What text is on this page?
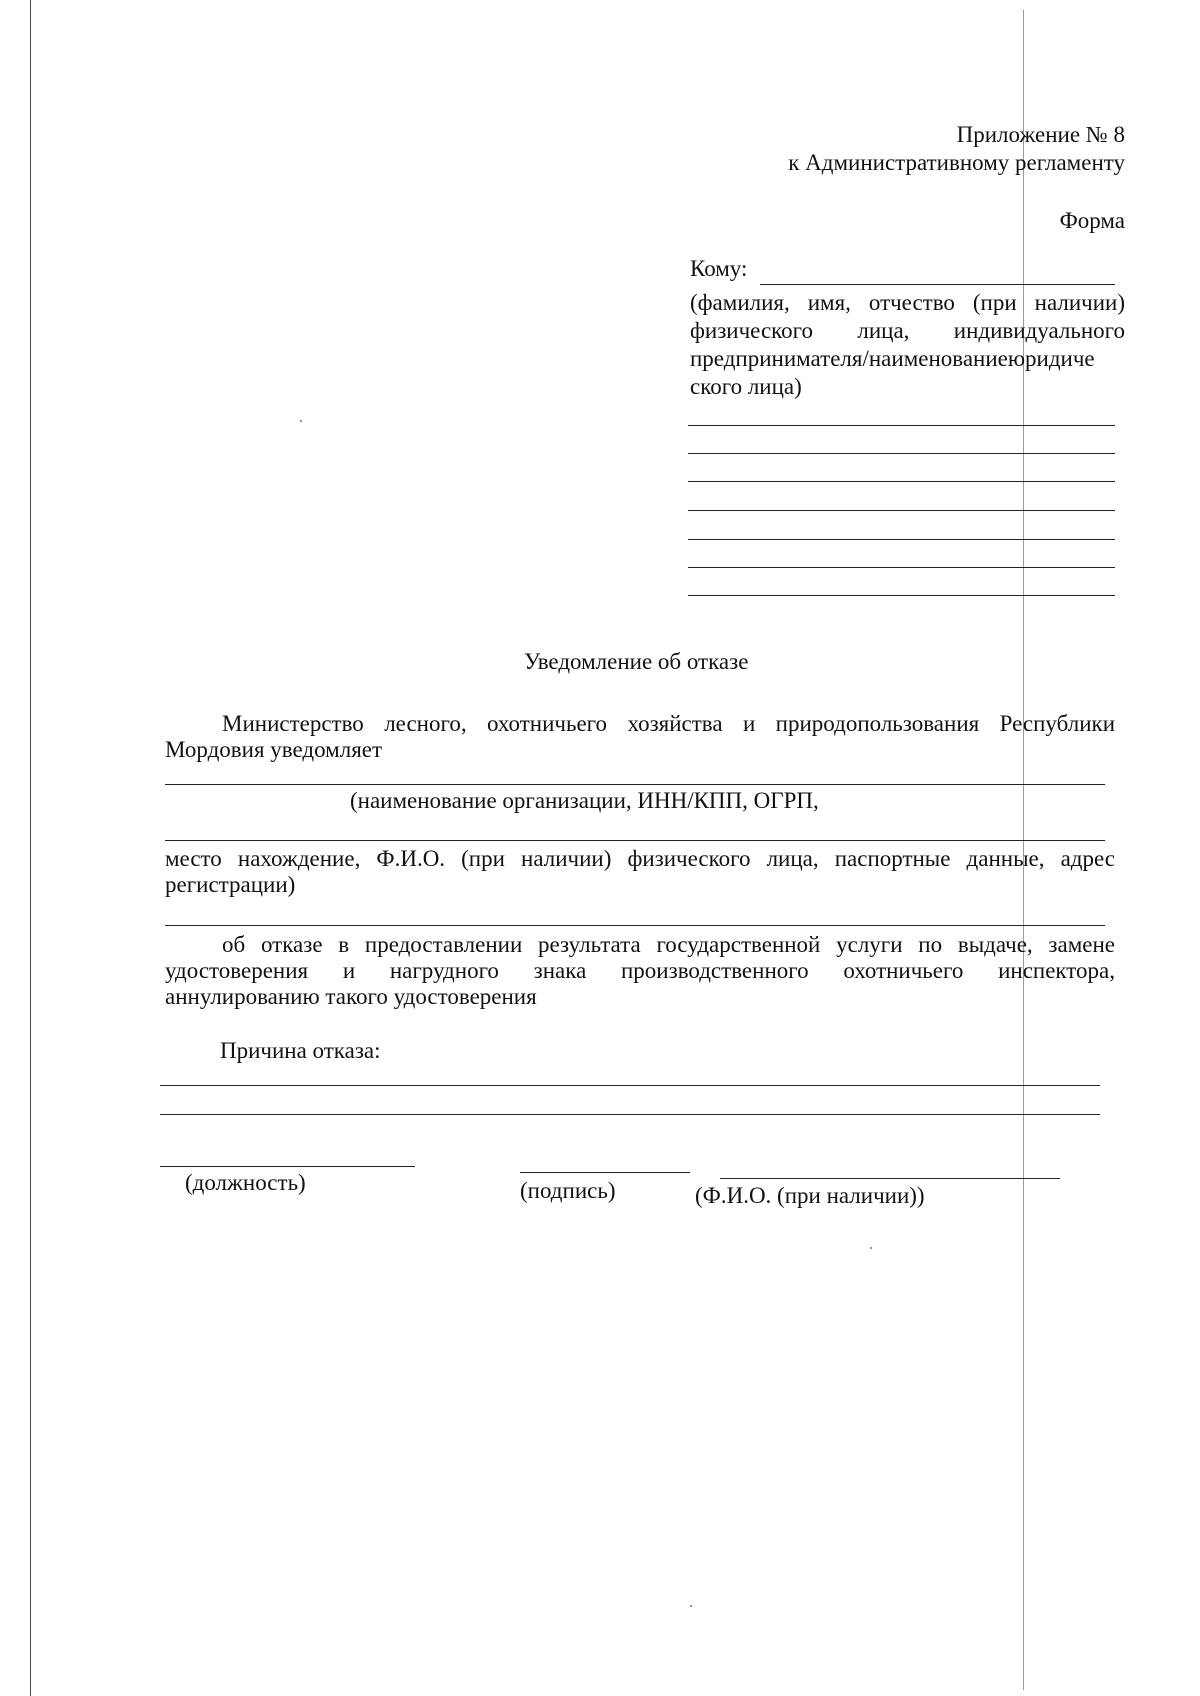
Приложение № 8
к Административному регламенту
Форма
Кому:
(фамилия, имя, отчество (при наличии)
физического лица, индивидуального
предпринимателя/наименованиеюридиче
ского лица)
Уведомление об отказе
Министерство лесного, охотничьего хозяйства и природопользования Республики
Мордовия уведомляет
(наименование организации, ИНН/КПП, ОГРП,
место нахождение, Ф.И.О. (при наличии) физического лица, паспортные данные, адрес
регистрации)
об отказе в предоставлении результата государственной услуги по выдаче, замене
удостоверения и нагрудного знака производственного охотничьего инспектора,
аннулированию такого удостоверения
Причина отказа:
(должность)	(подпись)	(Ф.И.О. (при наличии))
